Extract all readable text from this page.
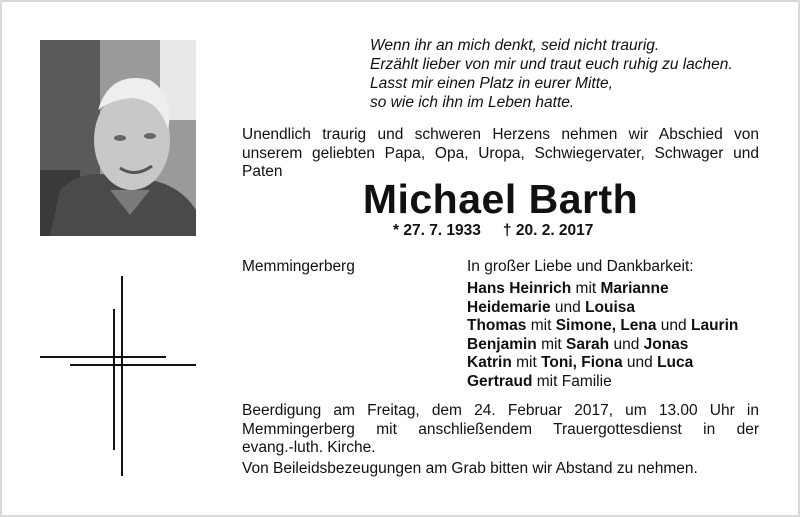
Wenn ihr an mich denkt, seid nicht traurig.
Erzählt lieber von mir und traut euch ruhig zu lachen.
Lasst mir einen Platz in eurer Mitte,
so wie ich ihn im Leben hatte.
Unendlich traurig und schweren Herzens nehmen wir Abschied von
unserem geliebten Papa, Opa, Uropa, Schwiegervater, Schwager und
Paten
Michael Barth
* 27. 7. 1933 † 20. 2. 2017
Memmingerberg	In großer Liebe und Dankbarkeit:
Hans Heinrich mit Marianne
Heidemarie und Louisa
Thomas mit Simone, Lena und Laurin
Benjamin mit Sarah und Jonas
Katrin mit Toni, Fiona und Luca
Gertraud mit Familie
Beerdigung am Freitag, dem 24. Februar 2017, um 13.00 Uhr in
Memmingerberg mit anschließendem Trauergottesdienst in der
evang.-luth. Kirche.
Von Beileidsbezeugungen am Grab bitten wir Abstand zu nehmen.
